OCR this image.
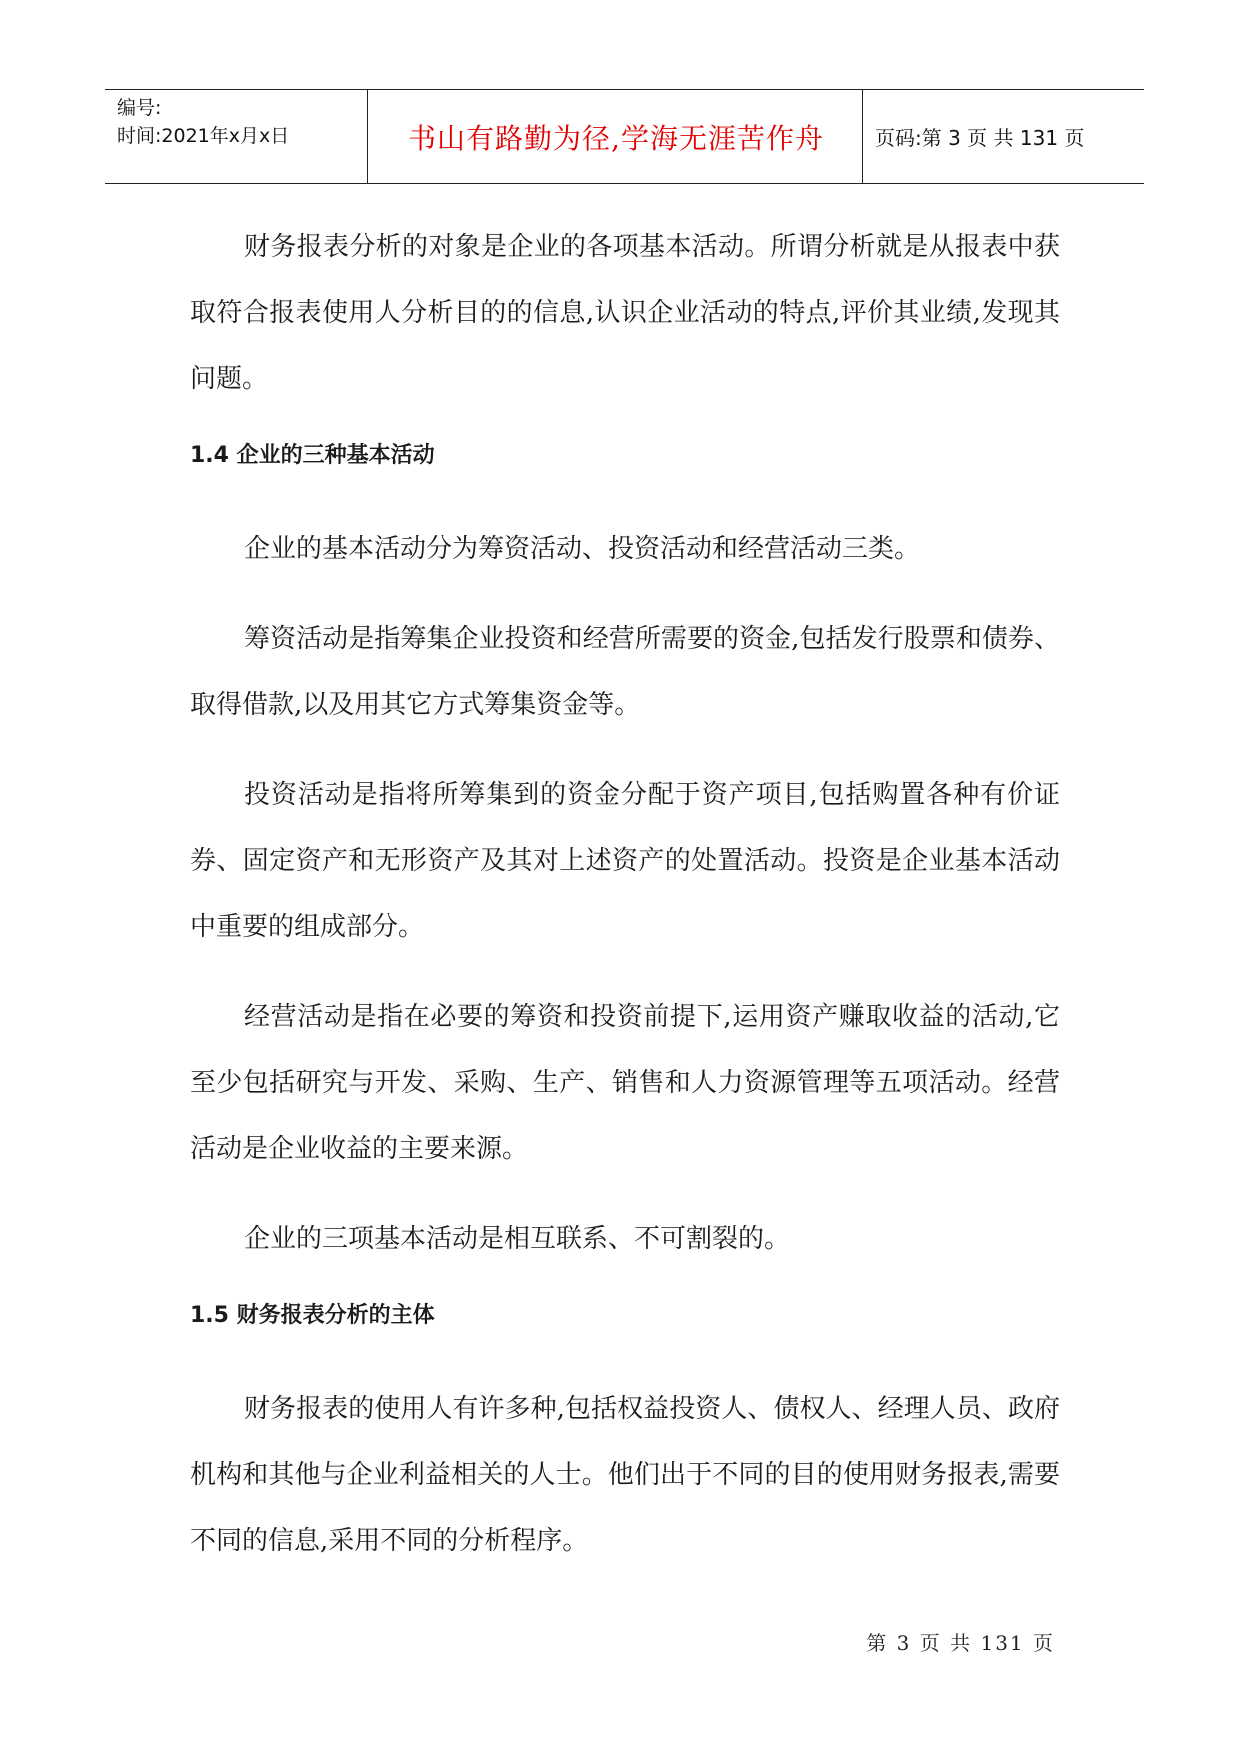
编号:
时间:2021年x月x日	书山有路勤为径,学海无涯苦作舟	页码:第 3 页 共 131 页

财务报表分析的对象是企业的各项基本活动。所谓分析就是从报表中获取符合报表使用人分析目的的信息,认识企业活动的特点,评价其业绩,发现其问题。

1.4 企业的三种基本活动

企业的基本活动分为筹资活动、投资活动和经营活动三类。

筹资活动是指筹集企业投资和经营所需要的资金,包括发行股票和债券、取得借款,以及用其它方式筹集资金等。

投资活动是指将所筹集到的资金分配于资产项目,包括购置各种有价证券、固定资产和无形资产及其对上述资产的处置活动。投资是企业基本活动中重要的组成部分。

经营活动是指在必要的筹资和投资前提下,运用资产赚取收益的活动,它至少包括研究与开发、采购、生产、销售和人力资源管理等五项活动。经营活动是企业收益的主要来源。

企业的三项基本活动是相互联系、不可割裂的。

1.5 财务报表分析的主体

财务报表的使用人有许多种,包括权益投资人、债权人、经理人员、政府机构和其他与企业利益相关的人士。他们出于不同的目的使用财务报表,需要不同的信息,采用不同的分析程序。

第 3 页 共 131 页
